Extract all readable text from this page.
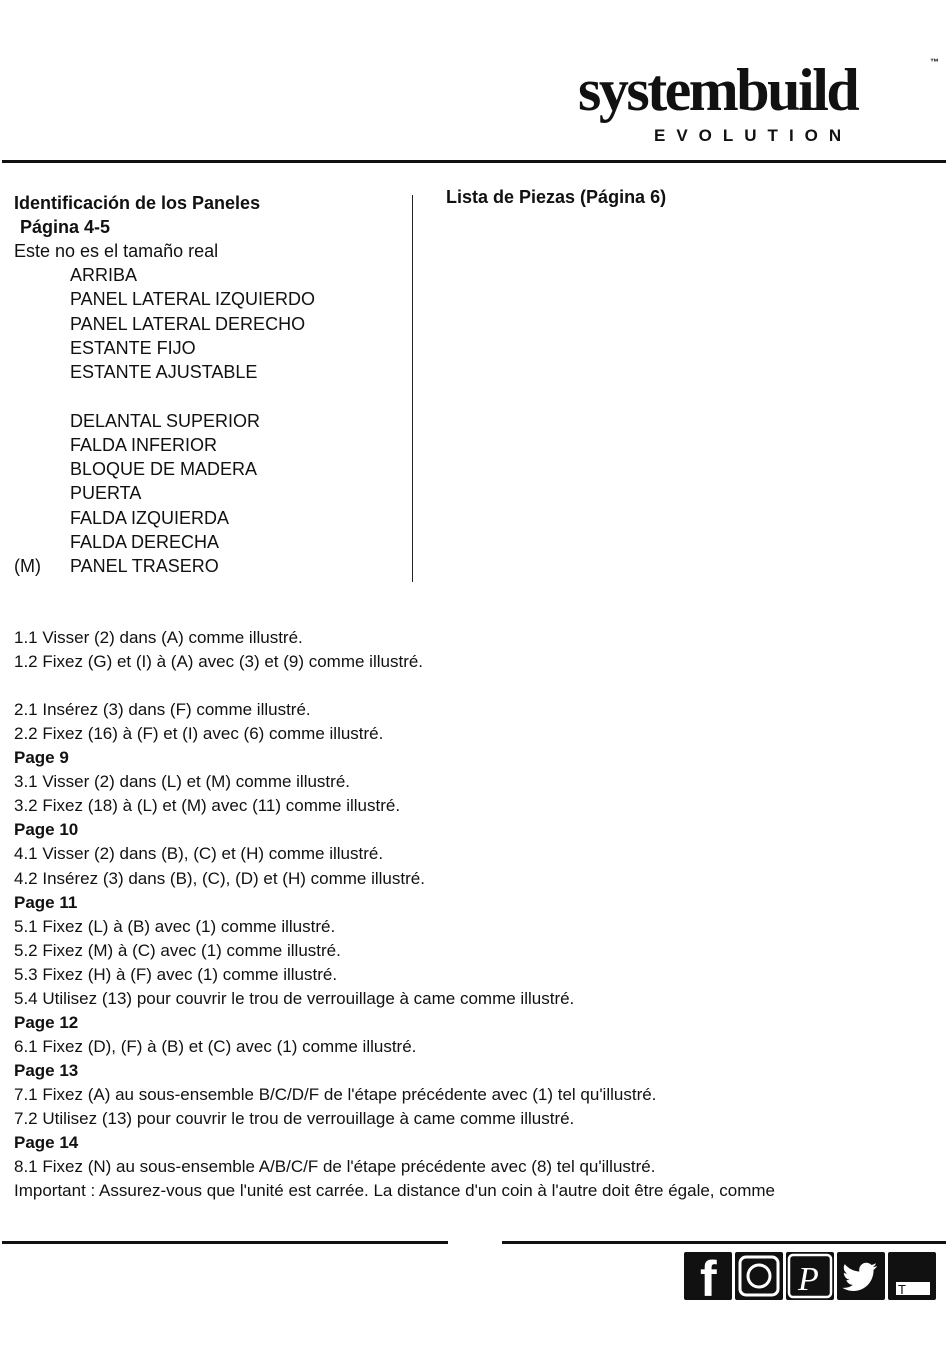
systembuild	™
EVOLUTION
Identificación de los Paneles
Página 4-5
Este no es el tamaño real
ARRIBA
PANEL LATERAL IZQUIERDO
PANEL LATERAL DERECHO
ESTANTE FIJO
ESTANTE AJUSTABLE
DELANTAL SUPERIOR
FALDA INFERIOR
BLOQUE DE MADERA
PUERTA
FALDA IZQUIERDA
FALDA DERECHA
(M) PANEL TRASERO
Lista de Piezas (Página 6)
1.1 Visser (2) dans (A) comme illustré.
1.2 Fixez (G) et (I) à (A) avec (3) et (9) comme illustré.
2.1 Insérez (3) dans (F) comme illustré.
2.2 Fixez (16) à (F) et (I) avec (6) comme illustré.
Page 9
3.1 Visser (2) dans (L) et (M) comme illustré.
3.2 Fixez (18) à (L) et (M) avec (11) comme illustré.
Page 10
4.1 Visser (2) dans (B), (C) et (H) comme illustré.
4.2 Insérez (3) dans (B), (C), (D) et (H) comme illustré.
Page 11
5.1 Fixez (L) à (B) avec (1) comme illustré.
5.2 Fixez (M) à (C) avec (1) comme illustré.
5.3 Fixez (H) à (F) avec (1) comme illustré.
5.4 Utilisez (13) pour couvrir le trou de verrouillage à came comme illustré.
Page 12
6.1 Fixez (D), (F) à (B) et (C) avec (1) comme illustré.
Page 13
7.1 Fixez (A) au sous-ensemble B/C/D/F de l'étape précédente avec (1) tel qu'illustré.
7.2 Utilisez (13) pour couvrir le trou de verrouillage à came comme illustré.
Page 14
8.1 Fixez (N) au sous-ensemble A/B/C/F de l'étape précédente avec (8) tel qu'illustré.
Important : Assurez-vous que l'unité est carrée. La distance d'un coin à l'autre doit être égale, comme
f P	T
